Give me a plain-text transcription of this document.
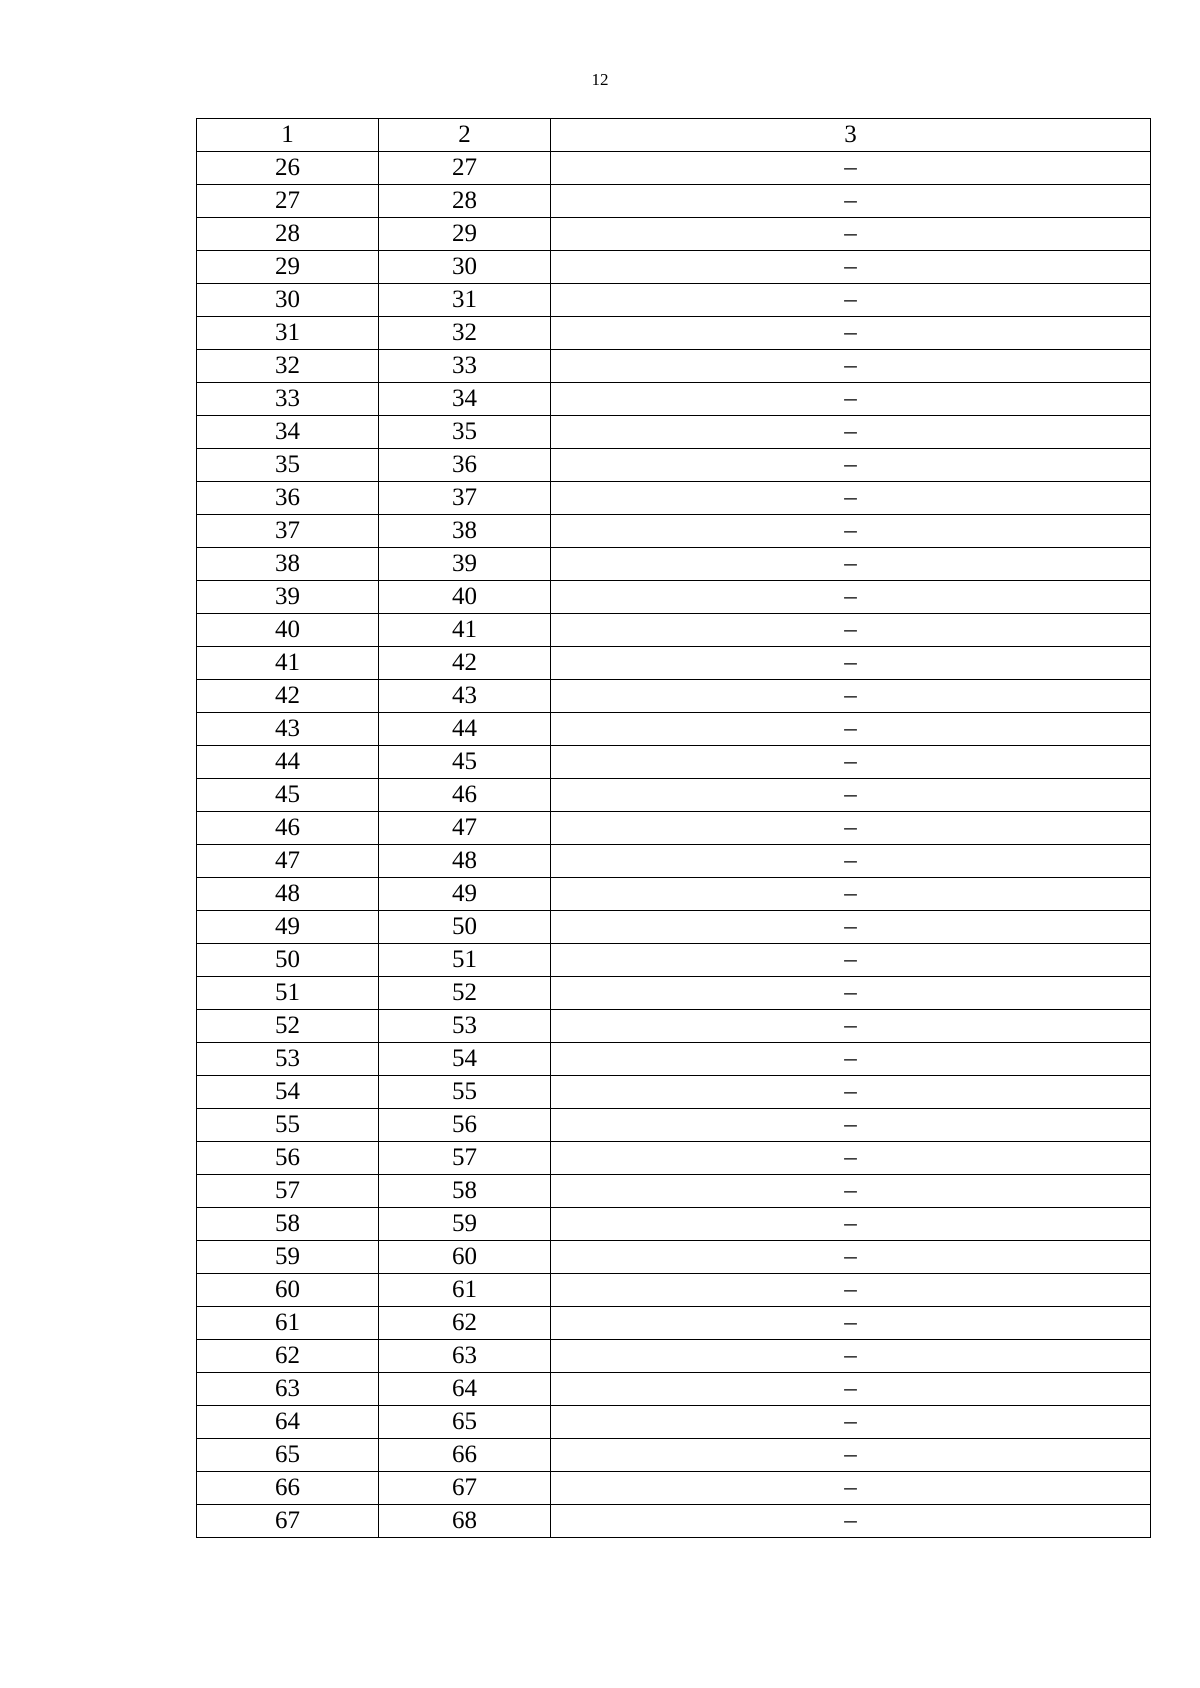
12
1	2	3
26	27	–
27	28	–
28	29	–
29	30	–
30	31	–
31	32	–
32	33	–
33	34	–
34	35	–
35	36	–
36	37	–
37	38	–
38	39	–
39	40	–
40	41	–
41	42	–
42	43	–
43	44	–
44	45	–
45	46	–
46	47	–
47	48	–
48	49	–
49	50	–
50	51	–
51	52	–
52	53	–
53	54	–
54	55	–
55	56	–
56	57	–
57	58	–
58	59	–
59	60	–
60	61	–
61	62	–
62	63	–
63	64	–
64	65	–
65	66	–
66	67	–
67	68	–
